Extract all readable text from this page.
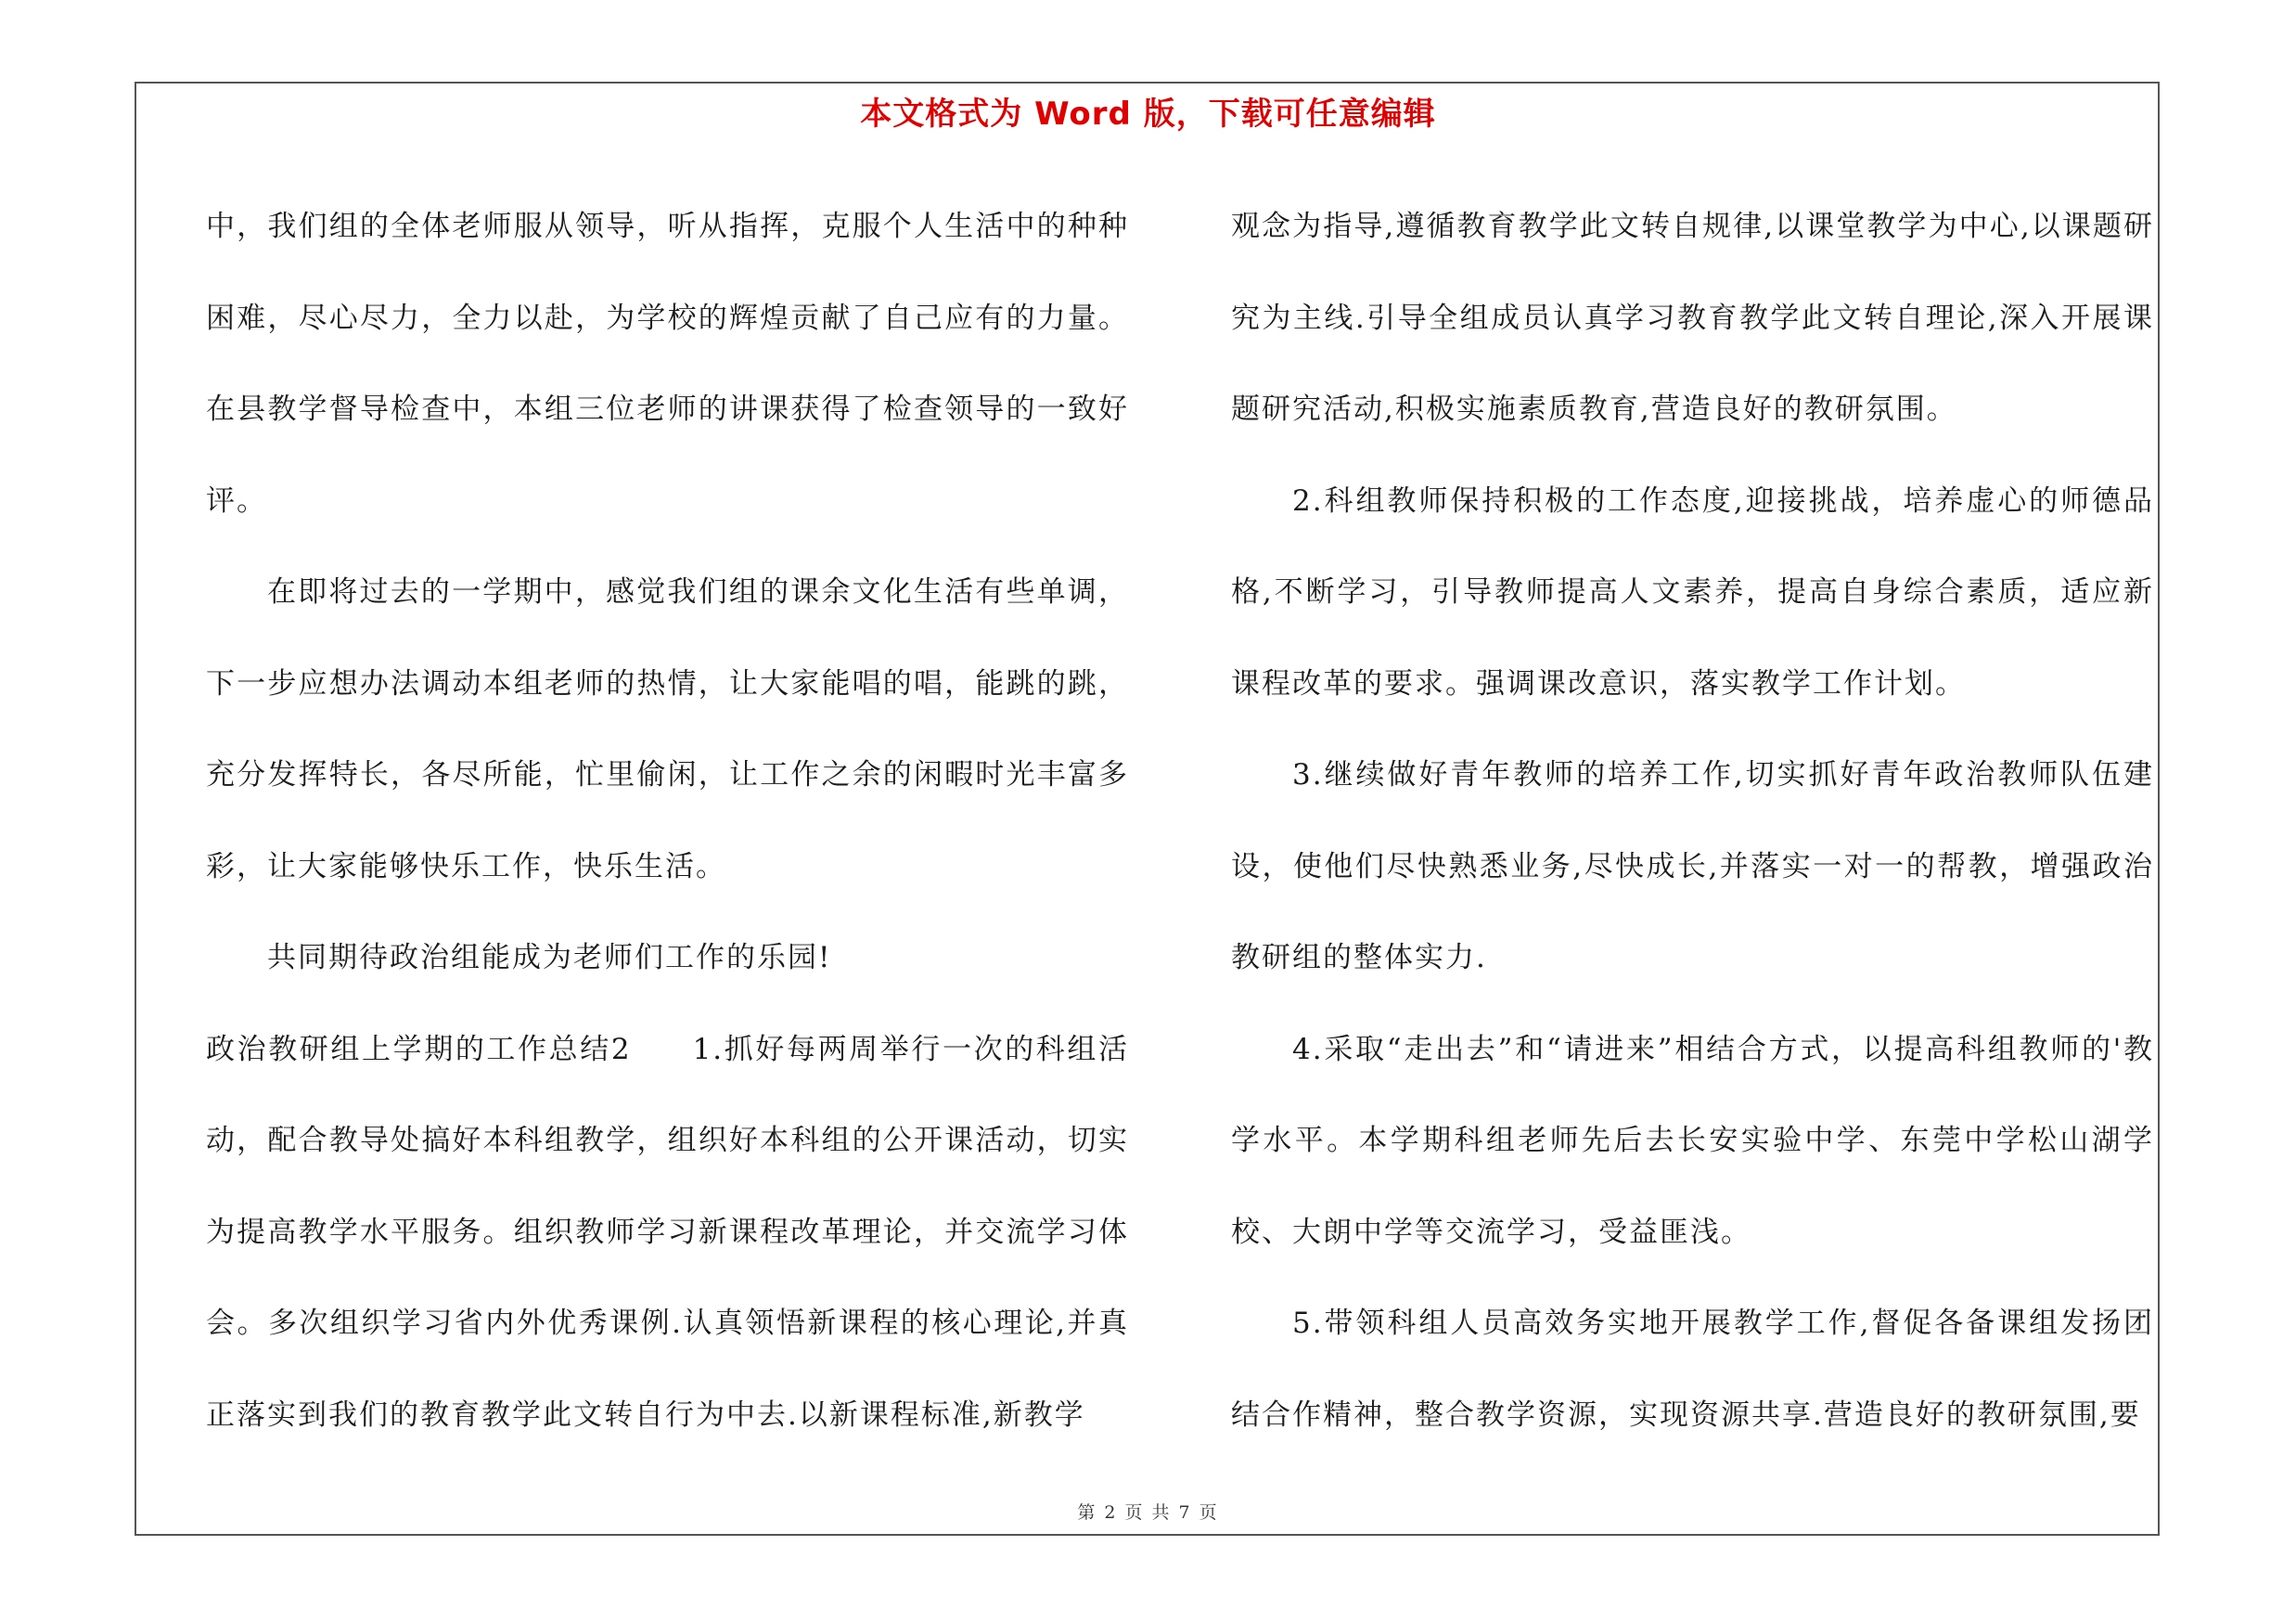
本文格式为 Word 版，下载可任意编辑

中，我们组的全体老师服从领导，听从指挥，克服个人生活中的种种困难，尽心尽力，全力以赴，为学校的辉煌贡献了自己应有的力量。在县教学督导检查中，本组三位老师的讲课获得了检查领导的一致好评。

在即将过去的一学期中，感觉我们组的课余文化生活有些单调，下一步应想办法调动本组老师的热情，让大家能唱的唱，能跳的跳，充分发挥特长，各尽所能，忙里偷闲，让工作之余的闲暇时光丰富多彩，让大家能够快乐工作，快乐生活。

共同期待政治组能成为老师们工作的乐园!

政治教研组上学期的工作总结2 1.抓好每两周举行一次的科组活动，配合教导处搞好本科组教学，组织好本科组的公开课活动，切实为提高教学水平服务。组织教师学习新课程改革理论，并交流学习体会。多次组织学习省内外优秀课例.认真领悟新课程的核心理论,并真正落实到我们的教育教学此文转自行为中去.以新课程标准,新教学

观念为指导,遵循教育教学此文转自规律,以课堂教学为中心,以课题研究为主线.引导全组成员认真学习教育教学此文转自理论,深入开展课题研究活动,积极实施素质教育,营造良好的教研氛围。

2.科组教师保持积极的工作态度,迎接挑战，培养虚心的师德品格,不断学习，引导教师提高人文素养，提高自身综合素质，适应新课程改革的要求。强调课改意识，落实教学工作计划。

3.继续做好青年教师的培养工作,切实抓好青年政治教师队伍建设，使他们尽快熟悉业务,尽快成长,并落实一对一的帮教，增强政治教研组的整体实力.

4.采取“走出去”和“请进来”相结合方式，以提高科组教师的'教学水平。本学期科组老师先后去长安实验中学、东莞中学松山湖学校、大朗中学等交流学习，受益匪浅。

5.带领科组人员高效务实地开展教学工作,督促各备课组发扬团结合作精神，整合教学资源，实现资源共享.营造良好的教研氛围,要

第 2 页 共 7 页
